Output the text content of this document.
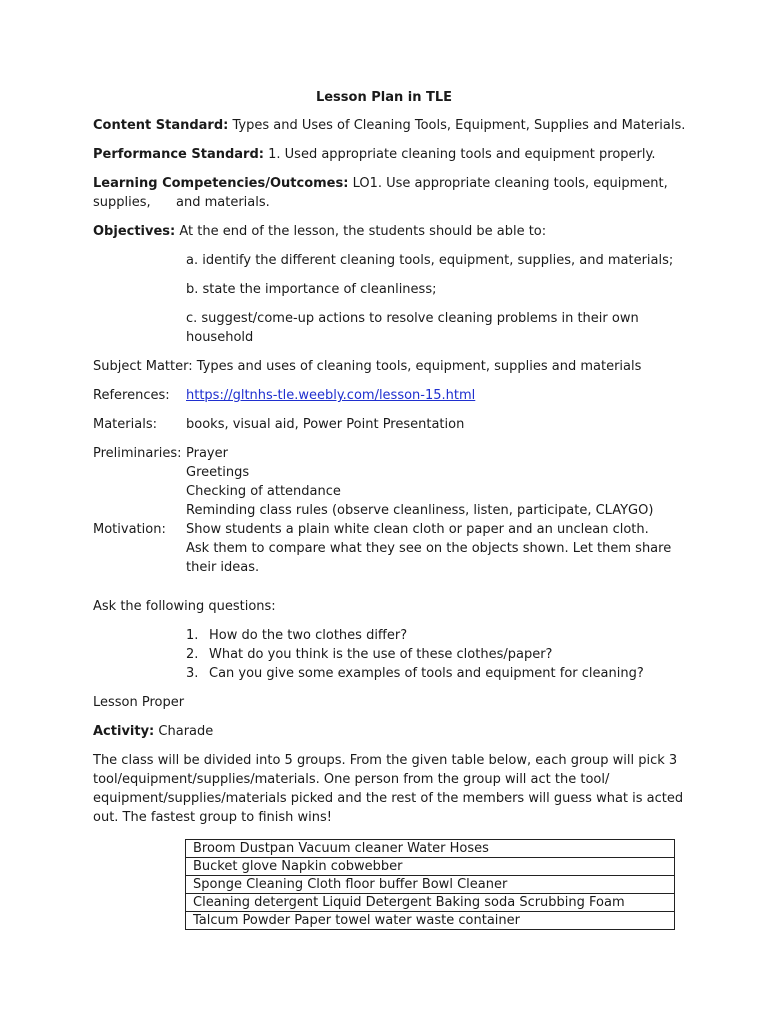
Lesson Plan in TLE
Content Standard: Types and Uses of Cleaning Tools, Equipment, Supplies and Materials.
Performance Standard: 1. Used appropriate cleaning tools and equipment properly.
Learning Competencies/Outcomes: LO1. Use appropriate cleaning tools, equipment,
supplies, and materials.
Objectives: At the end of the lesson, the students should be able to:
a. identify the different cleaning tools, equipment, supplies, and materials;
b. state the importance of cleanliness;
c. suggest/come-up actions to resolve cleaning problems in their own
household
Subject Matter: Types and uses of cleaning tools, equipment, supplies and materials
References: https://gltnhs-tle.weebly.com/lesson-15.html
Materials: books, visual aid, Power Point Presentation
Preliminaries: Prayer
Greetings
Checking of attendance
Reminding class rules (observe cleanliness, listen, participate, CLAYGO)
Motivation: Show students a plain white clean cloth or paper and an unclean cloth.
Ask them to compare what they see on the objects shown. Let them share
their ideas.
Ask the following questions:
1. How do the two clothes differ?
2. What do you think is the use of these clothes/paper?
3. Can you give some examples of tools and equipment for cleaning?
Lesson Proper
Activity: Charade
The class will be divided into 5 groups. From the given table below, each group will pick 3
tool/equipment/supplies/materials. One person from the group will act the tool/
equipment/supplies/materials picked and the rest of the members will guess what is acted
out. The fastest group to finish wins!
Broom Dustpan Vacuum cleaner Water Hoses
Bucket glove Napkin cobwebber
Sponge Cleaning Cloth floor buffer Bowl Cleaner
Cleaning detergent Liquid Detergent Baking soda Scrubbing Foam
Talcum Powder Paper towel water waste container
